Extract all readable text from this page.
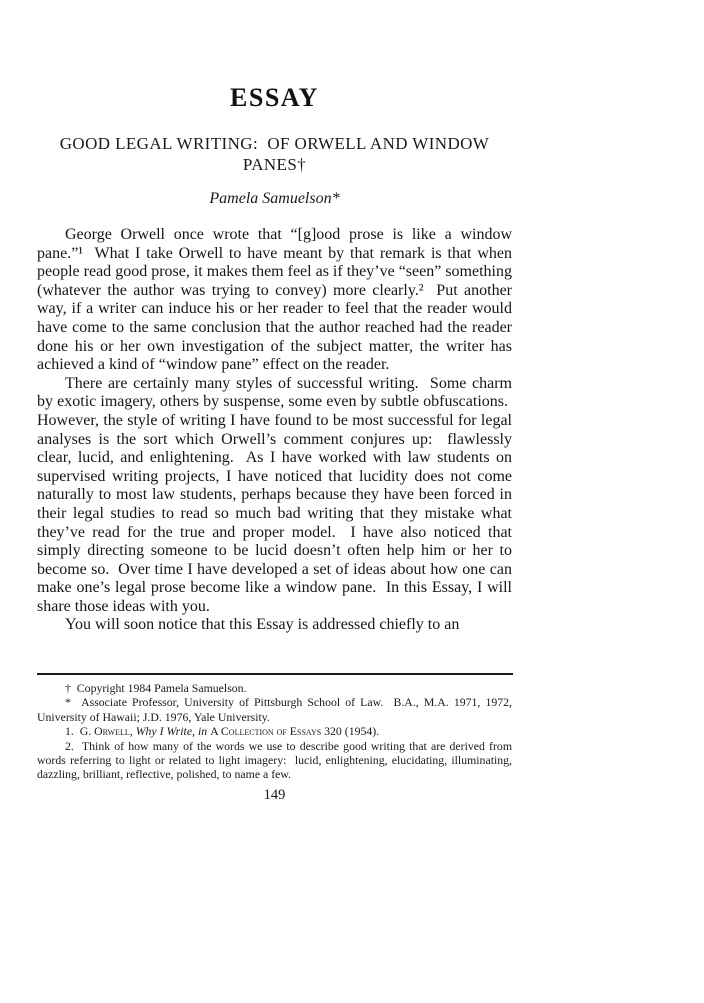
ESSAY
GOOD LEGAL WRITING:  OF ORWELL AND WINDOW PANES†
Pamela Samuelson*

George Orwell once wrote that “[g]ood prose is like a window pane.”¹  What I take Orwell to have meant by that remark is that when people read good prose, it makes them feel as if they’ve “seen” something (whatever the author was trying to convey) more clearly.²  Put another way, if a writer can induce his or her reader to feel that the reader would have come to the same conclusion that the author reached had the reader done his or her own investigation of the subject matter, the writer has achieved a kind of “window pane” effect on the reader.

There are certainly many styles of successful writing.  Some charm by exotic imagery, others by suspense, some even by subtle obfuscations.  However, the style of writing I have found to be most successful for legal analyses is the sort which Orwell’s comment conjures up:  flawlessly clear, lucid, and enlightening.  As I have worked with law students on supervised writing projects, I have noticed that lucidity does not come naturally to most law students, perhaps because they have been forced in their legal studies to read so much bad writing that they mistake what they’ve read for the true and proper model.  I have also noticed that simply directing someone to be lucid doesn’t often help him or her to become so.  Over time I have developed a set of ideas about how one can make one’s legal prose become like a window pane.  In this Essay, I will share those ideas with you.

You will soon notice that this Essay is addressed chiefly to an

†  Copyright 1984 Pamela Samuelson.

*  Associate Professor, University of Pittsburgh School of Law.  B.A., M.A. 1971, 1972, University of Hawaii; J.D. 1976, Yale University.

1.  G. Orwell, Why I Write, in A Collection of Essays 320 (1954).

2.  Think of how many of the words we use to describe good writing that are derived from words referring to light or related to light imagery:  lucid, enlightening, elucidating, illuminating, dazzling, brilliant, reflective, polished, to name a few.

149
